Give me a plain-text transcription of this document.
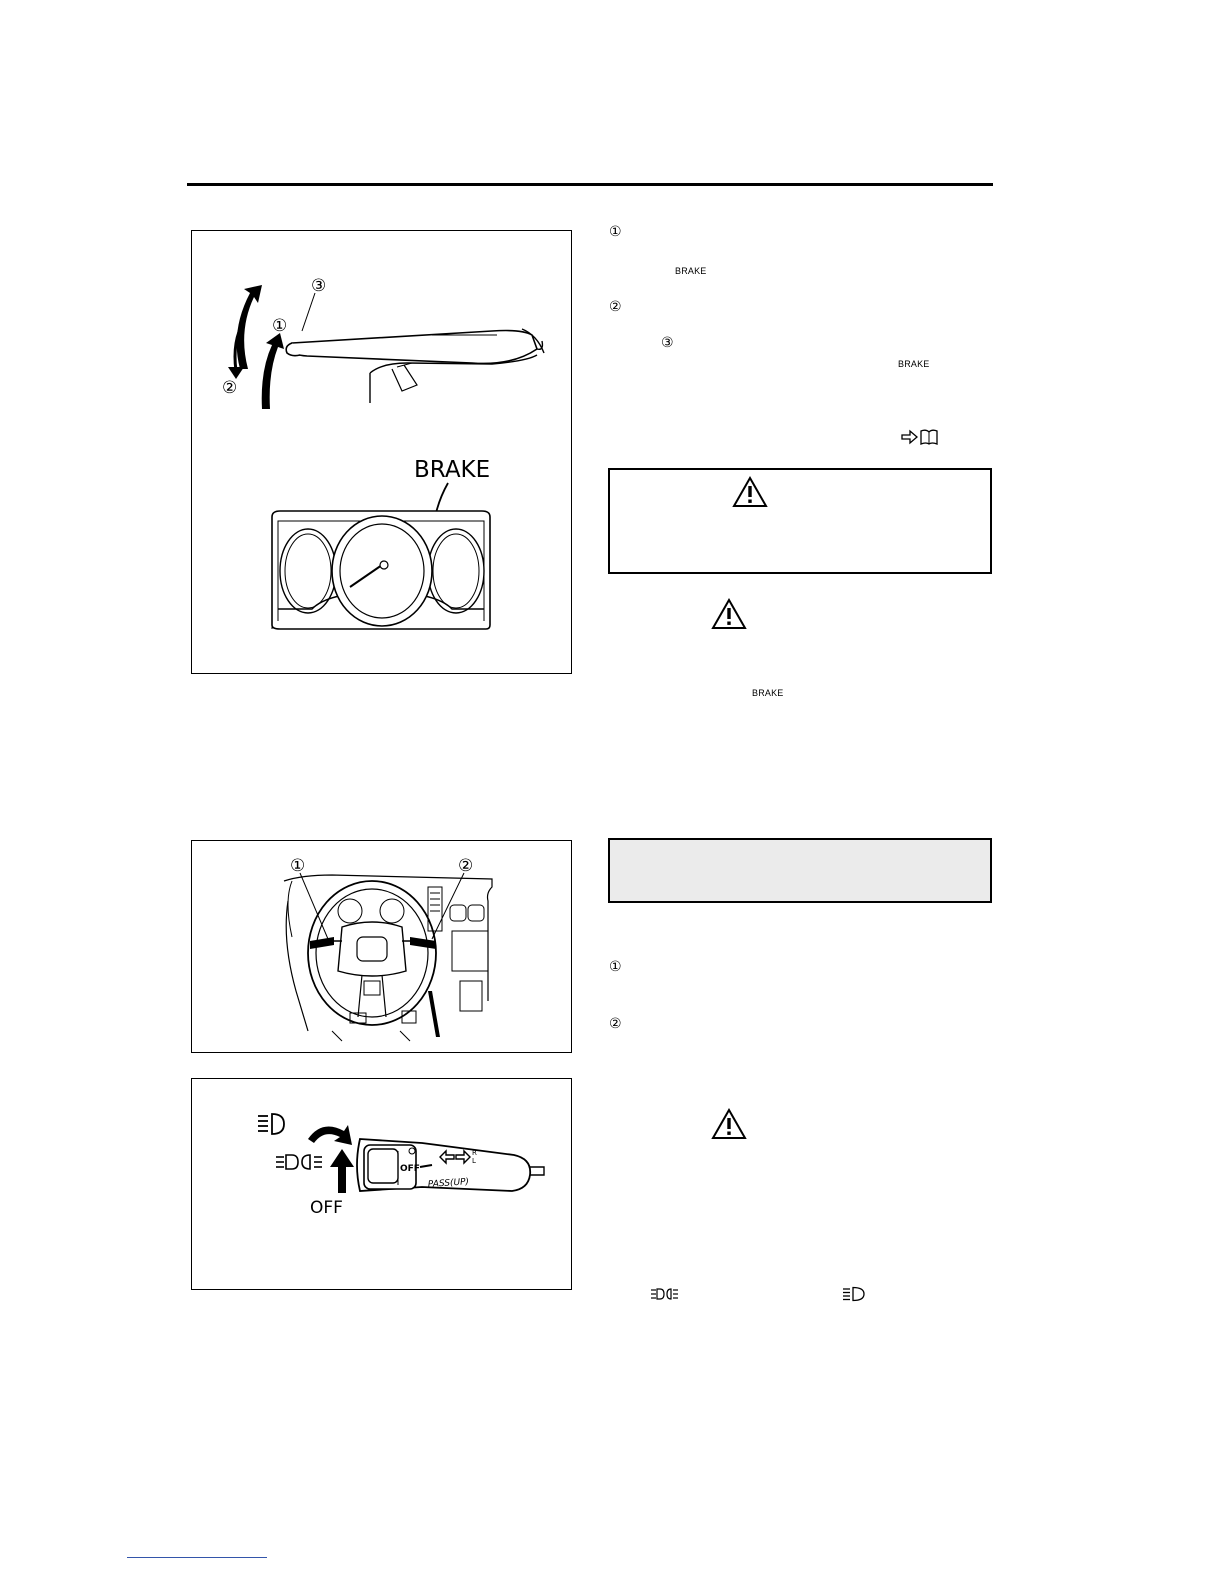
③
①
②
BRAKE
①
BRAKE
②
③
BRAKE
BRAKE
①	②
①
②
OFF
OFF
PASS(UP)
R
L
